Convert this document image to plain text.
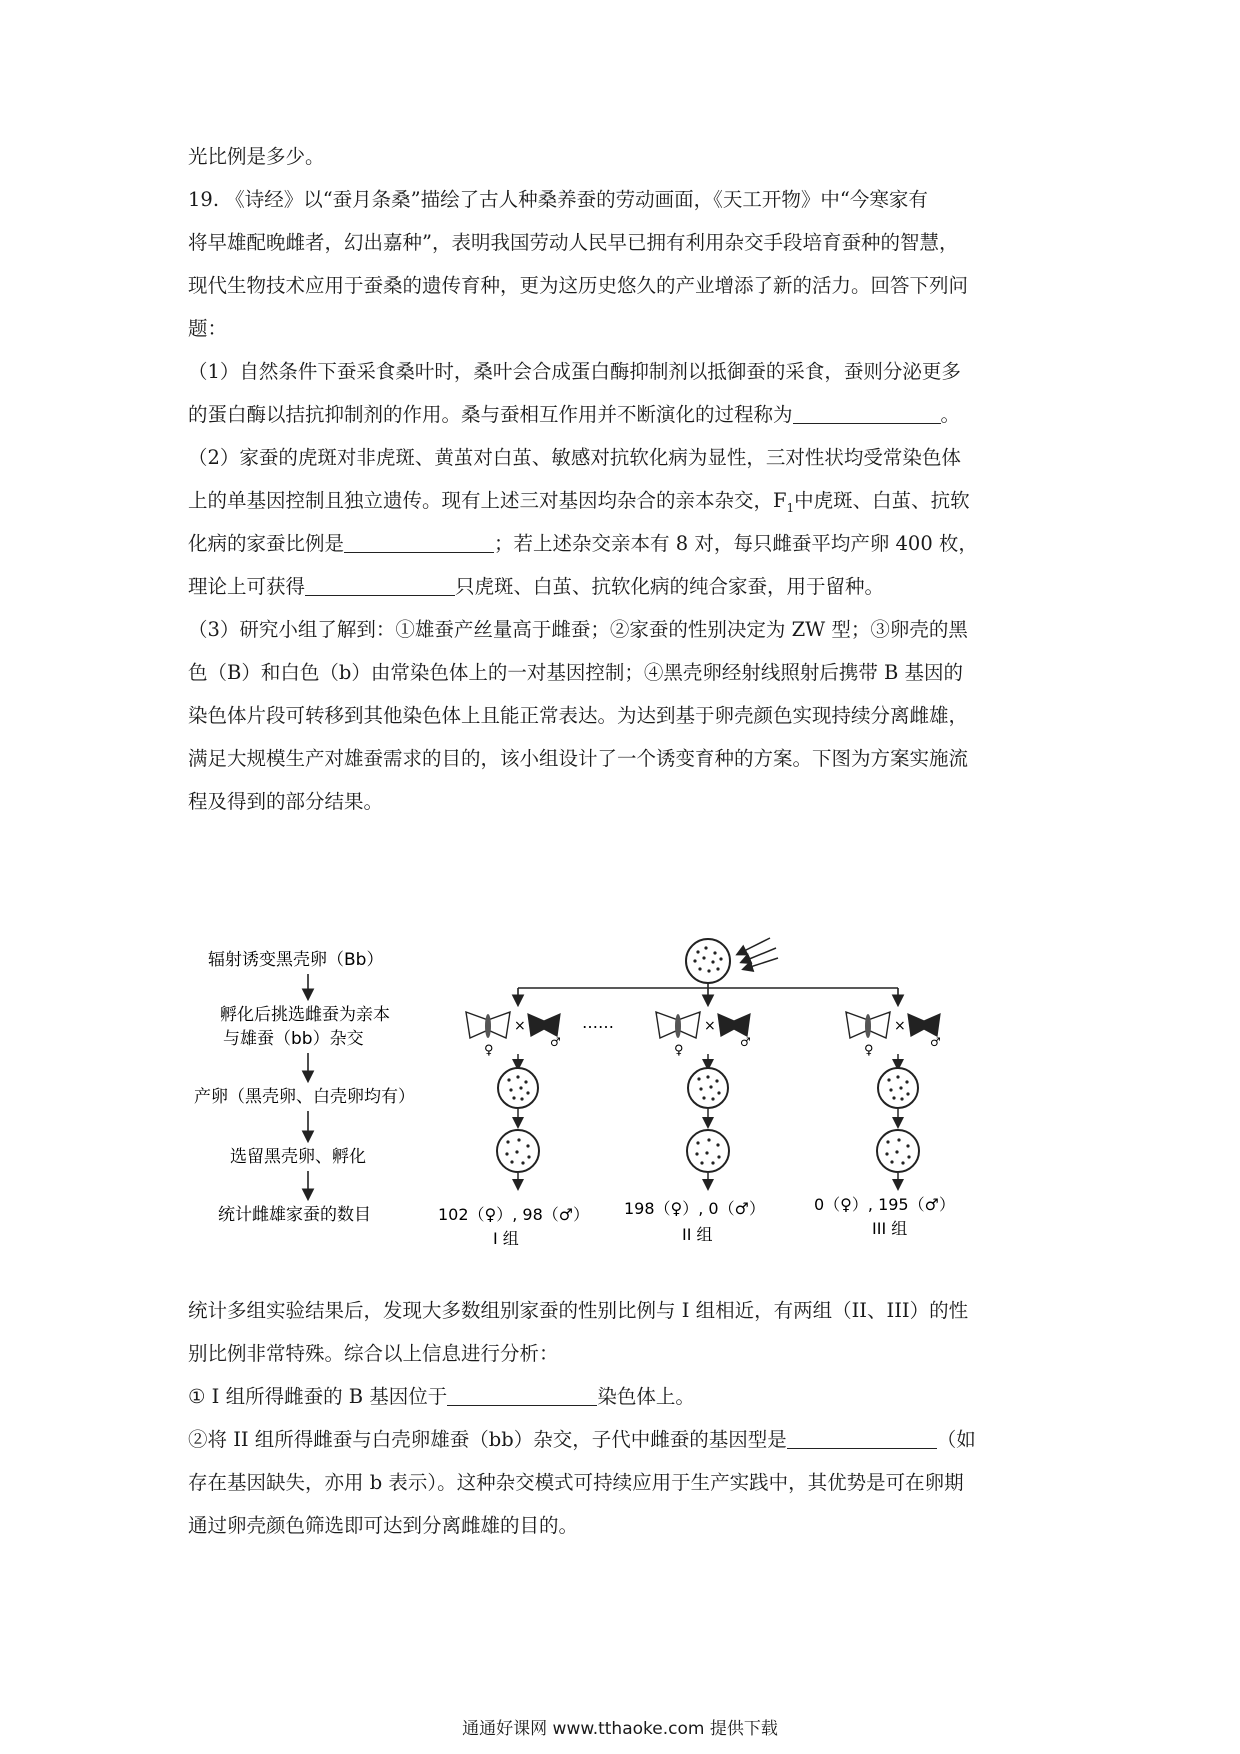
光比例是多少。
19. 《诗经》以“蚕月条桑”描绘了古人种桑养蚕的劳动画面，《天工开物》中“今寒家有
将早雄配晚雌者，幻出嘉种”，表明我国劳动人民早已拥有利用杂交手段培育蚕种的智慧，
现代生物技术应用于蚕桑的遗传育种，更为这历史悠久的产业增添了新的活力。回答下列问
题：
（1）自然条件下蚕采食桑叶时，桑叶会合成蛋白酶抑制剂以抵御蚕的采食，蚕则分泌更多
的蛋白酶以拮抗抑制剂的作用。桑与蚕相互作用并不断演化的过程称为	。
（2）家蚕的虎斑对非虎斑、黄茧对白茧、敏感对抗软化病为显性，三对性状均受常染色体
上的单基因控制且独立遗传。现有上述三对基因均杂合的亲本杂交，$F_1$中虎斑、白茧、抗软
化病的家蚕比例是	；若上述杂交亲本有 8 对，每只雌蚕平均产卵 400 枚，
理论上可获得	只虎斑、白茧、抗软化病的纯合家蚕，用于留种。
（3）研究小组了解到：①雄蚕产丝量高于雌蚕；②家蚕的性别决定为 ZW 型；③卵壳的黑
色（B）和白色（b）由常染色体上的一对基因控制；④黑壳卵经射线照射后携带 B 基因的
染色体片段可转移到其他染色体上且能正常表达。为达到基于卵壳颜色实现持续分离雌雄，
满足大规模生产对雄蚕需求的目的，该小组设计了一个诱变育种的方案。下图为方案实施流
程及得到的部分结果。
辐射诱变黑壳卵（Bb）
孵化后挑选雌蚕为亲本
与雄蚕（bb）杂交
产卵（黑壳卵、白壳卵均有）
选留黑壳卵、孵化
统计雌雄家蚕的数目
×
♀
♂
102（♀）, 98（♂）
I 组
……	×
♀
♂
198（♀）, 0（♂）
II 组
×
♀
♂
0（♀）, 195（♂）
III 组
统计多组实验结果后，发现大多数组别家蚕的性别比例与 I 组相近，有两组（II、III）的性
别比例非常特殊。综合以上信息进行分析：
① I 组所得雌蚕的 B 基因位于	染色体上。
②将 II 组所得雌蚕与白壳卵雄蚕（bb）杂交，子代中雌蚕的基因型是	（如
存在基因缺失，亦用 b 表示）。这种杂交模式可持续应用于生产实践中，其优势是可在卵期
通过卵壳颜色筛选即可达到分离雌雄的目的。
通通好课网 www.tthaoke.com 提供下载
